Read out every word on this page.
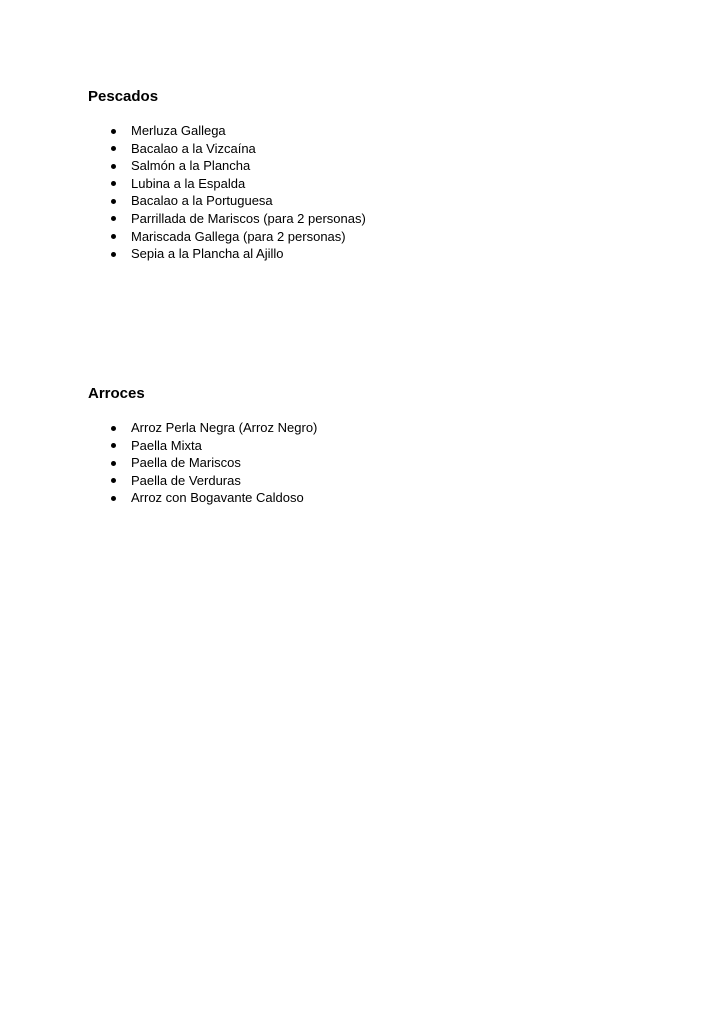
Pescados
Merluza Gallega
Bacalao a la Vizcaína
Salmón a la Plancha
Lubina a la Espalda
Bacalao a la Portuguesa
Parrillada de Mariscos (para 2 personas)
Mariscada Gallega (para 2 personas)
Sepia a la Plancha al Ajillo
Arroces
Arroz Perla Negra (Arroz Negro)
Paella Mixta
Paella de Mariscos
Paella de Verduras
Arroz con Bogavante Caldoso
